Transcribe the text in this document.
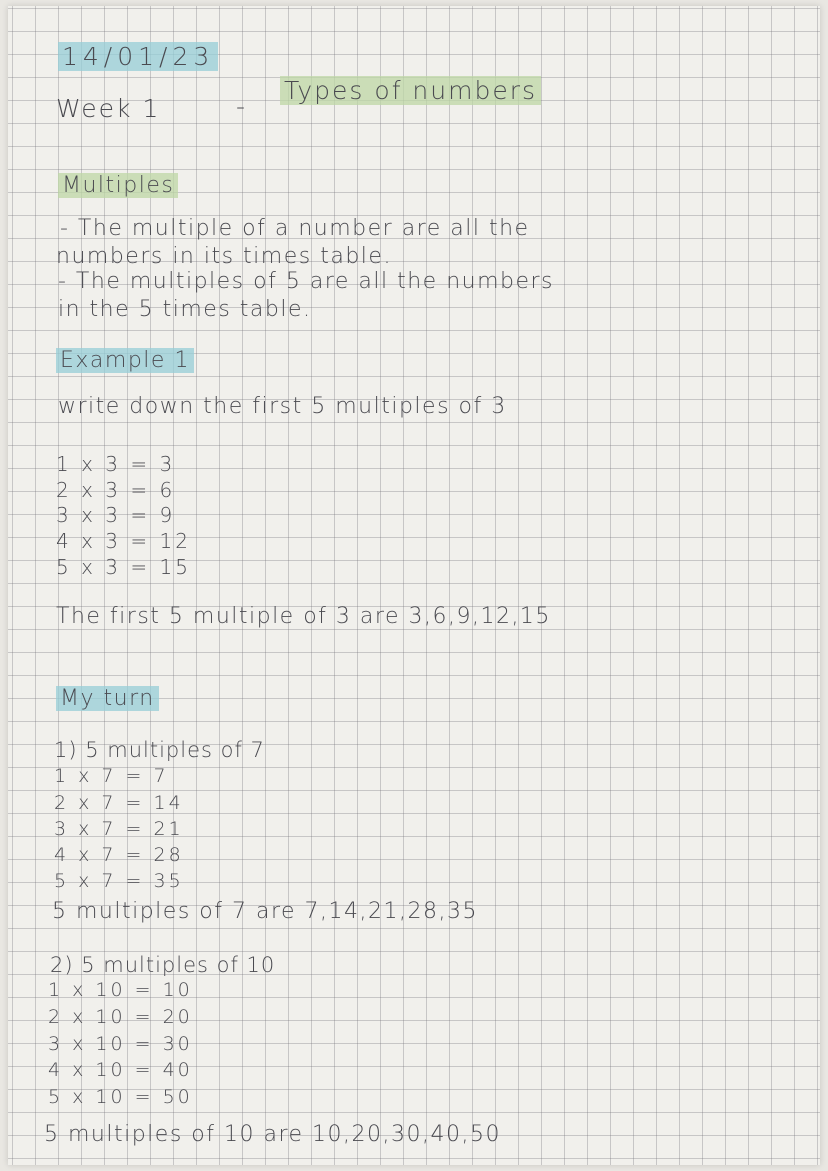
14/01/23
Week 1	-
Types of numbers
Multiples
- The multiple of a number are all the
numbers in its times table.
- The multiples of 5 are all the numbers
in the 5 times table.
Example 1
write down the first 5 multiples of 3
1 x 3 = 3
2 x 3 = 6
3 x 3 = 9
4 x 3 = 12
5 x 3 = 15
The first 5 multiple of 3 are 3,6,9,12,15
My turn
1) 5 multiples of 7
1 x 7 = 7
2 x 7 = 14
3 x 7 = 21
4 x 7 = 28
5 x 7 = 35
5 multiples of 7 are 7,14,21,28,35
2) 5 multiples of 10
1 x 10 = 10
2 x 10 = 20
3 x 10 = 30
4 x 10 = 40
5 x 10 = 50
5 multiples of 10 are 10,20,30,40,50
